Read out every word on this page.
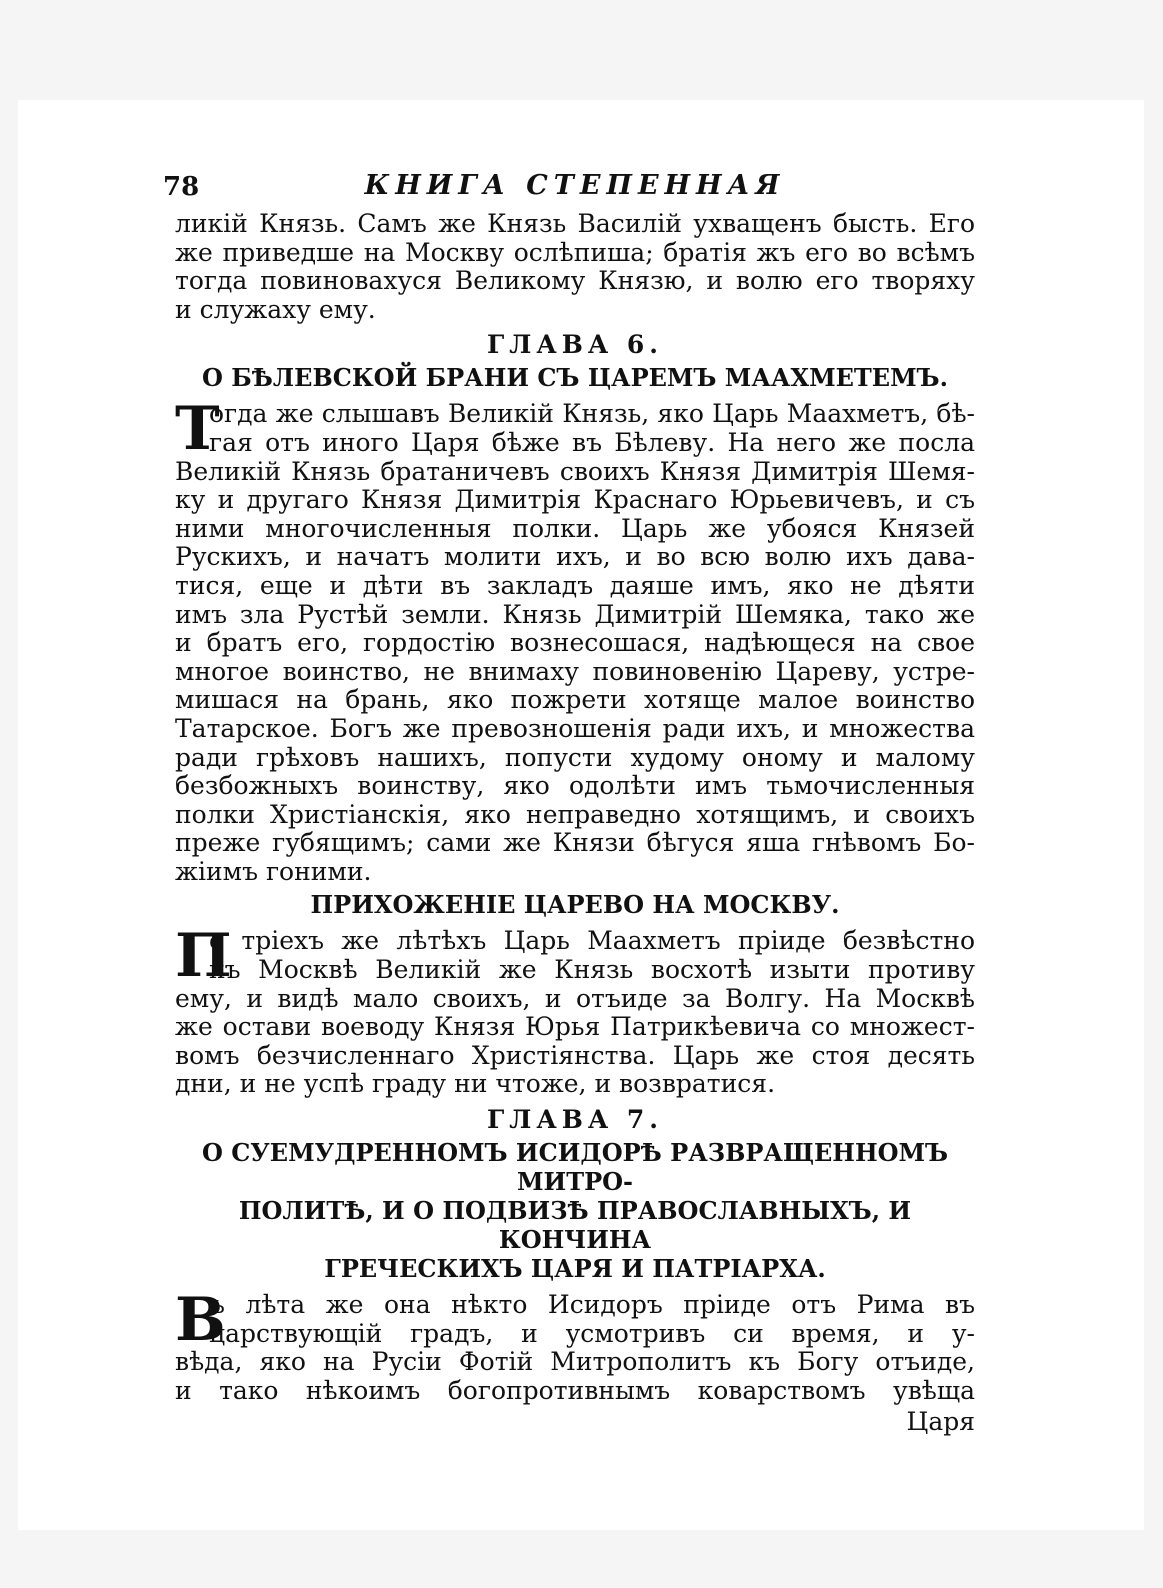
78	КНИГА СТЕПЕННАЯ

ликій Князь. Самъ же Князь Василій ухващенъ бысть. Его

же приведше на Москву ослѣпиша; братія жъ его во всѣмъ

тогда повиновахуся Великому Князю, и волю его творяху

и служаху ему.

ГЛАВА 6.
О БѢЛЕВСКОЙ БРАНИ СЪ ЦАРЕМЪ МААХМЕТЕМЪ.
Т

огда же слышавъ Великій Князь, яко Царь Маахметъ, бѣ-

гая отъ иного Царя бѣже въ Бѣлеву. На него же посла

Великій Князь братаничевъ своихъ Князя Димитрія Шемя-

ку и другаго Князя Димитрія Краснаго Юрьевичевъ, и съ

ними многочисленныя полки. Царь же убояся Князей

Рускихъ, и начатъ молити ихъ, и во всю волю ихъ дава-

тися, еще и дѣти въ закладъ даяше имъ, яко не дѣяти

имъ зла Рустѣй земли. Князь Димитрій Шемяка, тако же

и братъ его, гордостію вознесошася, надѣющеся на свое

многое воинство, не внимаху повиновенію Цареву, устре-

мишася на брань, яко пожрети хотяще малое воинство

Татарское. Богъ же превозношенія ради ихъ, и множества

ради грѣховъ нашихъ, попусти худому оному и малому

безбожныхъ воинству, яко одолѣти имъ тьмочисленныя

полки Христіанскія, яко неправедно хотящимъ, и своихъ

преже губящимъ; сами же Князи бѣгуся яша гнѣвомъ Бо-

жіимъ гоними.

ПРИХОЖЕНІЕ ЦАРЕВО НА МОСКВУ.
П

о тріехъ же лѣтѣхъ Царь Маахметъ пріиде безвѣстно

къ Москвѣ Великій же Князь восхотѣ изыти противу

ему, и видѣ мало своихъ, и отъиде за Волгу. На Москвѣ

же остави воеводу Князя Юрья Патрикѣевича со множест-

вомъ безчисленнаго Христіянства. Царь же стоя десять

дни, и не успѣ граду ни чтоже, и возвратися.

ГЛАВА 7.
О СУЕМУДРЕННОМЪ ИСИДОРѢ РАЗВРАЩЕННОМЪ МИТРО-
ПОЛИТѢ, И О ПОДВИЗѢ ПРАВОСЛАВНЫХЪ, И КОНЧИНА
ГРЕЧЕСКИХЪ ЦАРЯ И ПАТРІАРХА.
В

ъ лѣта же она нѣкто Исидоръ пріиде отъ Рима въ

царствующій градъ, и усмотривъ си время, и у-

вѣда, яко на Русіи Фотій Митрополитъ къ Богу отъиде,

и тако нѣкоимъ богопротивнымъ коварствомъ увѣща

Царя
